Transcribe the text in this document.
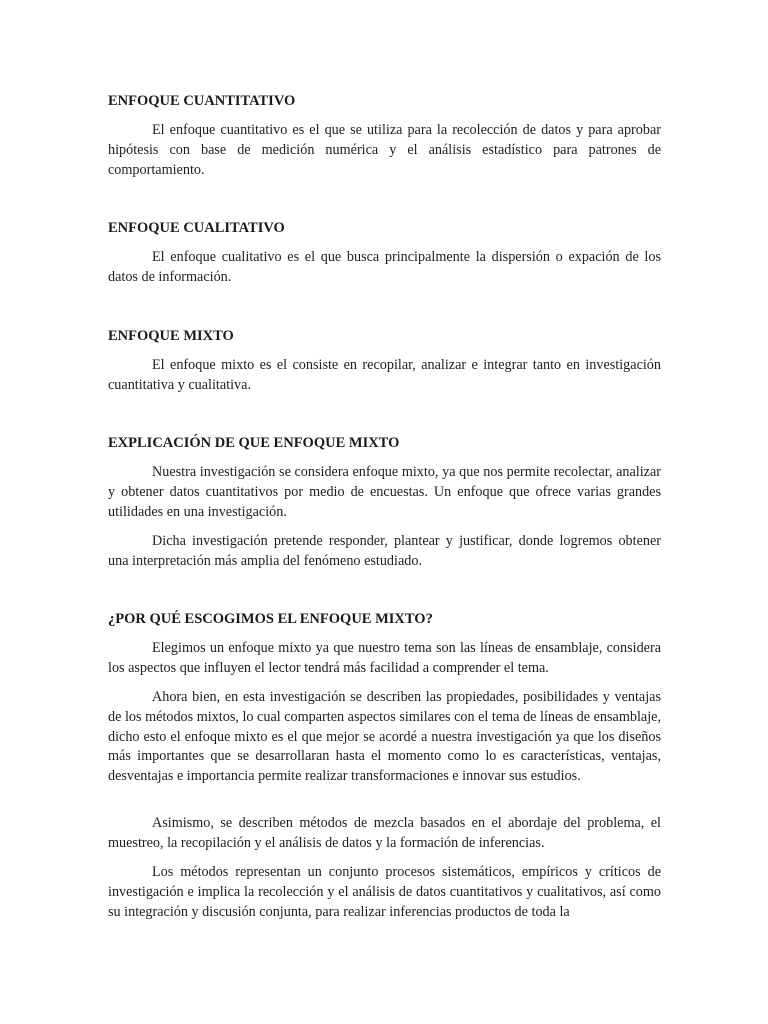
ENFOQUE CUANTITATIVO

El enfoque cuantitativo es el que se utiliza para la recolección de datos y para aprobar hipótesis con base de medición numérica y el análisis estadístico para patrones de comportamiento.

ENFOQUE CUALITATIVO

El enfoque cualitativo es el que busca principalmente la dispersión o expación de los datos de información.

ENFOQUE MIXTO

El enfoque mixto es el consiste en recopilar, analizar e integrar tanto en investigación cuantitativa y cualitativa.

EXPLICACIÓN DE QUE ENFOQUE MIXTO

Nuestra investigación se considera enfoque mixto, ya que nos permite recolectar, analizar y obtener datos cuantitativos por medio de encuestas. Un enfoque que ofrece varias grandes utilidades en una investigación.

Dicha investigación pretende responder, plantear y justificar, donde logremos obtener una interpretación más amplia del fenómeno estudiado.

¿POR QUÉ ESCOGIMOS EL ENFOQUE MIXTO?

Elegimos un enfoque mixto ya que nuestro tema son las líneas de ensamblaje, considera los aspectos que influyen el lector tendrá más facilidad a comprender el tema.

Ahora bien, en esta investigación se describen las propiedades, posibilidades y ventajas de los métodos mixtos, lo cual comparten aspectos similares con el tema de líneas de ensamblaje, dicho esto el enfoque mixto es el que mejor se acordé a nuestra investigación ya que los diseños más importantes que se desarrollaran hasta el momento como lo es características, ventajas, desventajas e importancia permite realizar transformaciones e innovar sus estudios.

Asimismo, se describen métodos de mezcla basados en el abordaje del problema, el muestreo, la recopilación y el análisis de datos y la formación de inferencias.

Los métodos representan un conjunto procesos sistemáticos, empíricos y críticos de investigación e implica la recolección y el análisis de datos cuantitativos y cualitativos, así como su integración y discusión conjunta, para realizar inferencias productos de toda la
